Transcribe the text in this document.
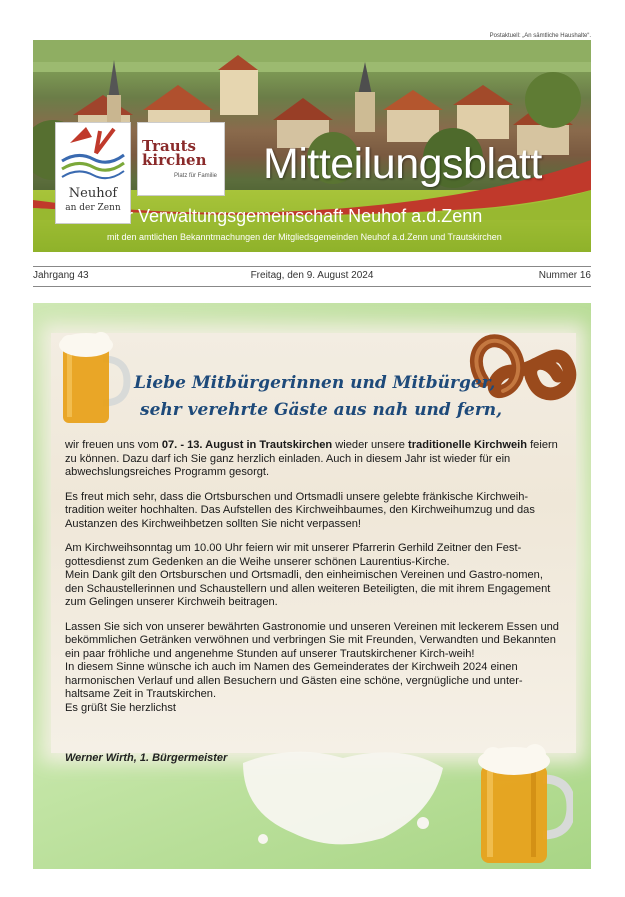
Postaktuell: „An sämtliche Haushalte“.
Neuhof
an der Zenn
Trauts
kirchen
Platz für Familie Mitteilungsblatt
der Verwaltungsgemeinschaft Neuhof a.d.Zenn
mit den amtlichen Bekanntmachungen der Mitgliedsgemeinden Neuhof a.d.Zenn und Trautskirchen
Jahrgang 43	Freitag, den 9. August 2024	Nummer 16
Liebe Mitbürgerinnen und Mitbürger,
sehr verehrte Gäste aus nah und fern,

wir freuen uns vom 07. - 13. August in Trautskirchen wieder unsere traditionelle Kirchweih feiern zu können. Dazu darf ich Sie ganz herzlich einladen. Auch in diesem Jahr ist wieder für ein abwechslungsreiches Programm gesorgt.

Es freut mich sehr, dass die Ortsburschen und Ortsmadli unsere gelebte fränkische Kirchweih-tradition weiter hochhalten. Das Aufstellen des Kirchweihbaumes, den Kirchweihumzug und das Austanzen des Kirchweihbetzen sollten Sie nicht verpassen!

Am Kirchweihsonntag um 10.00 Uhr feiern wir mit unserer Pfarrerin Gerhild Zeitner den Fest-gottesdienst zum Gedenken an die Weihe unserer schönen Laurentius-Kirche.

Mein Dank gilt den Ortsburschen und Ortsmadli, den einheimischen Vereinen und Gastro-nomen, den Schaustellerinnen und Schaustellern und allen weiteren Beteiligten, die mit ihrem Engagement zum Gelingen unserer Kirchweih beitragen.

Lassen Sie sich von unserer bewährten Gastronomie und unseren Vereinen mit leckerem Essen und bekömmlichen Getränken verwöhnen und verbringen Sie mit Freunden, Verwandten und Bekannten ein paar fröhliche und angenehme Stunden auf unserer Trautskirchener Kirch-weih!

In diesem Sinne wünsche ich auch im Namen des Gemeinderates der Kirchweih 2024 einen harmonischen Verlauf und allen Besuchern und Gästen eine schöne, vergnügliche und unter-haltsame Zeit in Trautskirchen.

Es grüßt Sie herzlichst

Werner Wirth, 1. Bürgermeister
